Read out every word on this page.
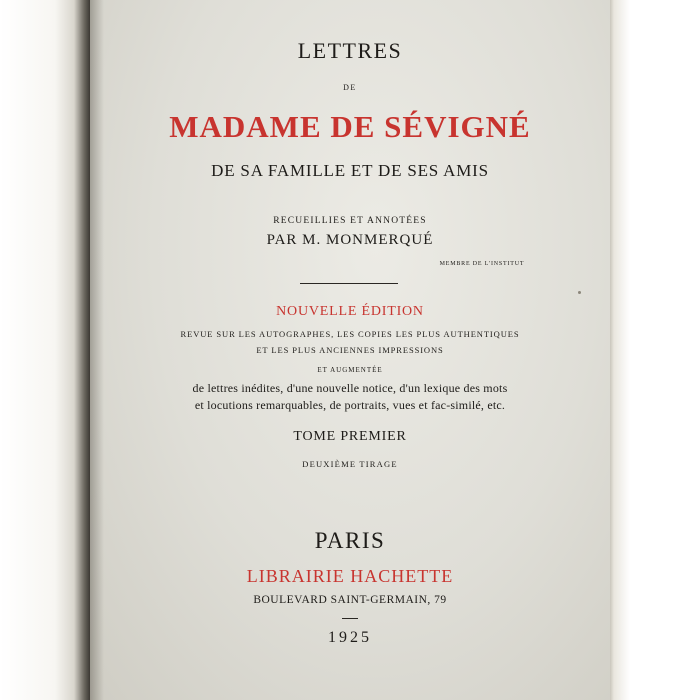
LETTRES
DE
MADAME DE SÉVIGNÉ
DE SA FAMILLE ET DE SES AMIS
RECUEILLIES ET ANNOTÉES
PAR M. MONMERQUÉ
MEMBRE DE L'INSTITUT
NOUVELLE ÉDITION
REVUE SUR LES AUTOGRAPHES, LES COPIES LES PLUS AUTHENTIQUES
ET LES PLUS ANCIENNES IMPRESSIONS
ET AUGMENTÉE
de lettres inédites, d'une nouvelle notice, d'un lexique des mots
et locutions remarquables, de portraits, vues et fac-similé, etc.
TOME PREMIER
DEUXIÈME TIRAGE
PARIS
LIBRAIRIE HACHETTE
BOULEVARD SAINT-GERMAIN, 79
1925
